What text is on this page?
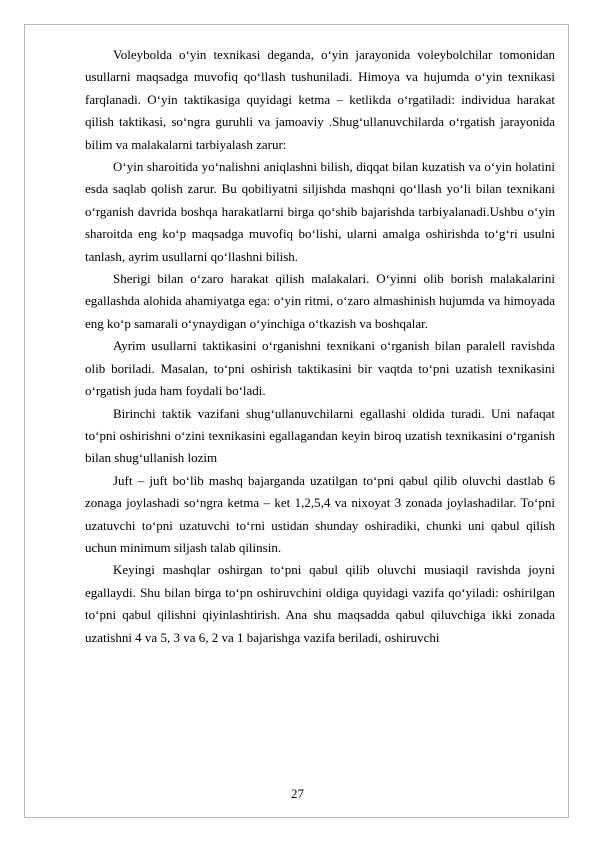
Voleybolda o‘yin texnikasi deganda, o‘yin jarayonida voleybolchilar tomonidan usullarni maqsadga muvofiq qo‘llash tushuniladi. Himoya va hujumda o‘yin texnikasi farqlanadi. O‘yin taktikasiga quyidagi ketma – ketlikda o‘rgatiladi: individua harakat qilish taktikasi, so‘ngra guruhli va jamoaviy .Shug‘ullanuvchilarda o‘rgatish jarayonida bilim va malakalarni tarbiyalash zarur:

O‘yin sharoitida yo‘nalishni aniqlashni bilish, diqqat bilan kuzatish va o‘yin holatini esda saqlab qolish zarur. Bu qobiliyatni siljishda mashqni qo‘llash yo‘li bilan texnikani o‘rganish davrida boshqa harakatlarni birga qo‘shib bajarishda tarbiyalanadi.Ushbu o‘yin sharoitda eng ko‘p maqsadga muvofiq bo‘lishi, ularni amalga oshirishda to‘g‘ri usulni tanlash, ayrim usullarni qo‘llashni bilish.

Sherigi bilan o‘zaro harakat qilish malakalari. O‘yinni olib borish malakalarini egallashda alohida ahamiyatga ega: o‘yin ritmi, o‘zaro almashinish hujumda va himoyada eng ko‘p samarali o‘ynaydigan o‘yinchiga o‘tkazish va boshqalar.

Ayrim usullarni taktikasini o‘rganishni texnikani o‘rganish bilan paralell ravishda olib boriladi. Masalan, to‘pni oshirish taktikasini bir vaqtda to‘pni uzatish texnikasini o‘rgatish juda ham foydali bo‘ladi.

Birinchi taktik vazifani shug‘ullanuvchilarni egallashi oldida turadi. Uni nafaqat to‘pni oshirishni o‘zini texnikasini egallagandan keyin biroq uzatish texnikasini o‘rganish bilan shug‘ullanish lozim

Juft – juft bo‘lib mashq bajarganda uzatilgan to‘pni qabul qilib oluvchi dastlab 6 zonaga joylashadi so‘ngra ketma – ket 1,2,5,4 va nixoyat 3 zonada joylashadilar. To‘pni uzatuvchi to‘pni uzatuvchi to‘rni ustidan shunday oshiradiki, chunki uni qabul qilish uchun minimum siljash talab qilinsin.

Keyingi mashqlar oshirgan to‘pni qabul qilib oluvchi musiaqil ravishda joyni egallaydi. Shu bilan birga to‘pn oshiruvchini oldiga quyidagi vazifa qo‘yiladi: oshirilgan to‘pni qabul qilishni qiyinlashtirish. Ana shu maqsadda qabul qiluvchiga ikki zonada uzatishni 4 va 5, 3 va 6, 2 va 1 bajarishga vazifa beriladi, oshiruvchi

27
